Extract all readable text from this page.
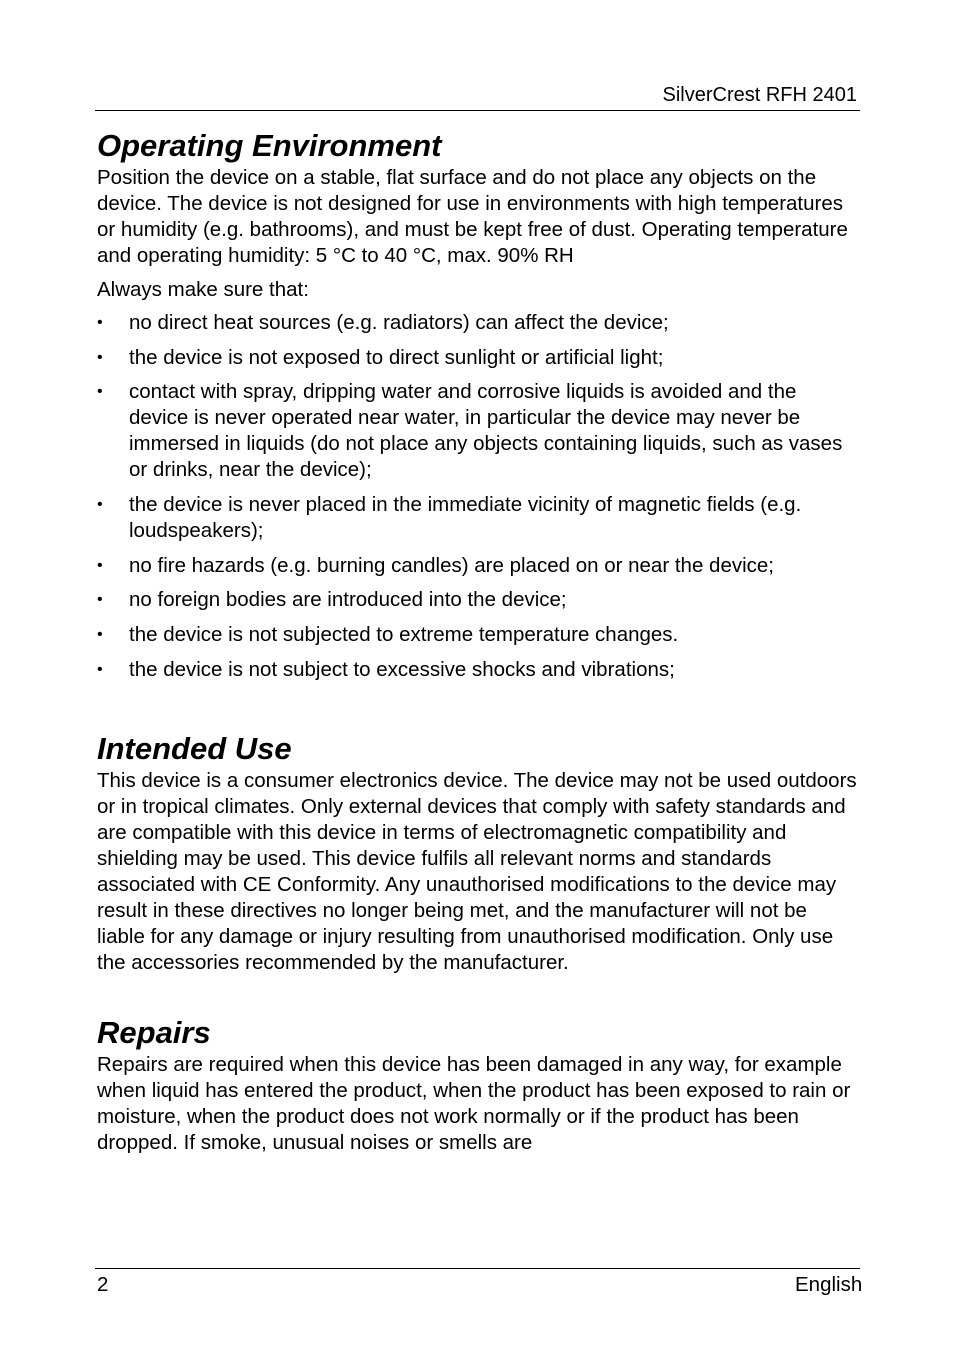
SilverCrest RFH 2401
Operating Environment

Position the device on a stable, flat surface and do not place any objects on the device. The device is not designed for use in environments with high temperatures or humidity (e.g. bathrooms), and must be kept free of dust. Operating temperature and operating humidity: 5 °C to 40 °C, max. 90% RH

Always make sure that:

•	no direct heat sources (e.g. radiators) can affect the device;
•	the device is not exposed to direct sunlight or artificial light;
•	contact with spray, dripping water and corrosive liquids is avoided and the device is never operated near water, in particular the device may never be immersed in liquids (do not place any objects containing liquids, such as vases or drinks, near the device);
•	the device is never placed in the immediate vicinity of magnetic fields (e.g. loudspeakers);
•	no fire hazards (e.g. burning candles) are placed on or near the device;
•	no foreign bodies are introduced into the device;
•	the device is not subjected to extreme temperature changes.
•	the device is not subject to excessive shocks and vibrations;
Intended Use

This device is a consumer electronics device. The device may not be used outdoors or in tropical climates. Only external devices that comply with safety standards and are compatible with this device in terms of electromagnetic compatibility and shielding may be used. This device fulfils all relevant norms and standards associated with CE Conformity. Any unauthorised modifications to the device may result in these directives no longer being met, and the manufacturer will not be liable for any damage or injury resulting from unauthorised modification. Only use the accessories recommended by the manufacturer.

Repairs

Repairs are required when this device has been damaged in any way, for example when liquid has entered the product, when the product has been exposed to rain or moisture, when the product does not work normally or if the product has been dropped. If smoke, unusual noises or smells are

2	English
